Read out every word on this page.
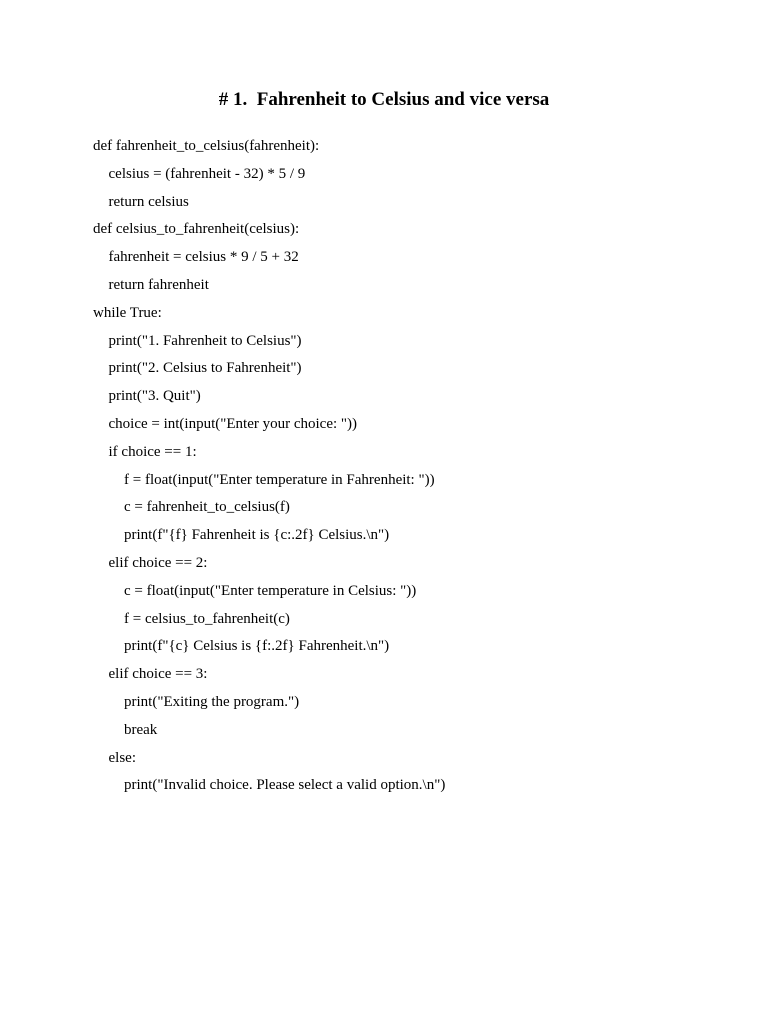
# 1.  Fahrenheit to Celsius and vice versa
def fahrenheit_to_celsius(fahrenheit):
celsius = (fahrenheit - 32) * 5 / 9
return celsius
def celsius_to_fahrenheit(celsius):
fahrenheit = celsius * 9 / 5 + 32
return fahrenheit
while True:
print("1. Fahrenheit to Celsius")
print("2. Celsius to Fahrenheit")
print("3. Quit")
choice = int(input("Enter your choice: "))
if choice == 1:
f = float(input("Enter temperature in Fahrenheit: "))
c = fahrenheit_to_celsius(f)
print(f"{f} Fahrenheit is {c:.2f} Celsius.\n")
elif choice == 2:
c = float(input("Enter temperature in Celsius: "))
f = celsius_to_fahrenheit(c)
print(f"{c} Celsius is {f:.2f} Fahrenheit.\n")
elif choice == 3:
print("Exiting the program.")
break
else:
print("Invalid choice. Please select a valid option.\n")
